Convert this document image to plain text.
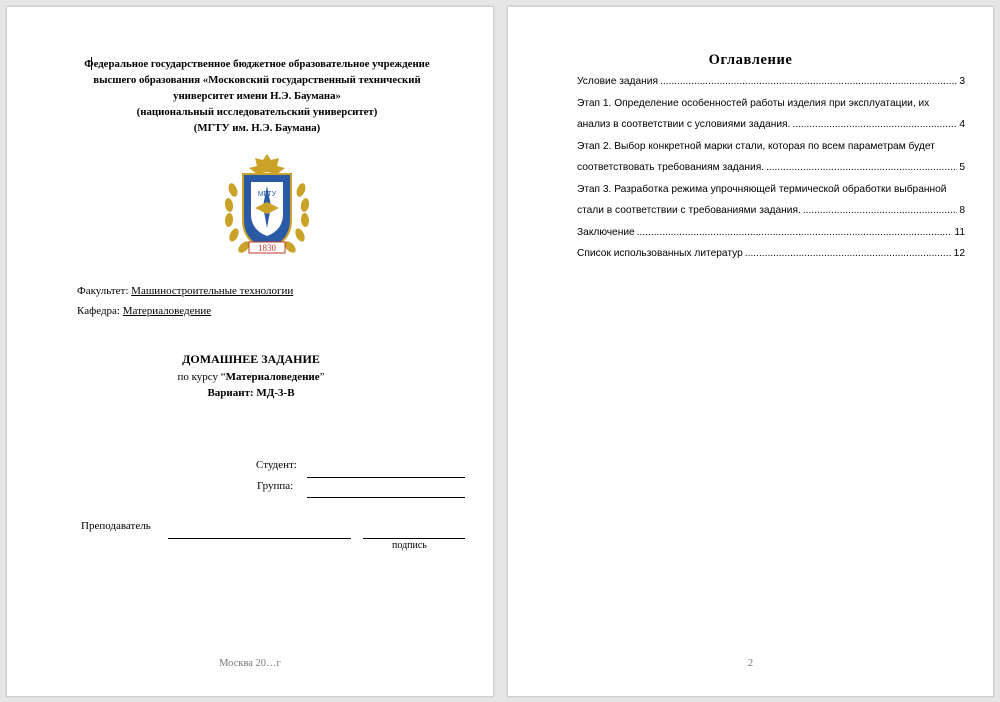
Федеральное государственное бюджетное образовательное учреждение
высшего образования «Московский государственный технический
университет имени Н.Э. Баумана»
(национальный исследовательский университет)
(МГТУ им. Н.Э. Баумана)
МГТУ
1830
Факультет: Машиностроительные технологии
Кафедра: Материаловедение
ДОМАШНЕЕ ЗАДАНИЕ
по курсу “Материаловедение”
Вариант: МД-3-В
Студент:
Группа:
Преподаватель
подпись
Москва 20…г
Оглавление
Условие задания .....	3
Этап 1. Определение особенностей работы изделия при эксплуатации, их
анализ в соответствии с условиями задания. .....	4
Этап 2. Выбор конкретной марки стали, которая по всем параметрам будет
соответствовать требованиям задания. .....	5
Этап 3. Разработка режима упрочняющей термической обработки выбранной
стали в соответствии с требованиями задания. .....	8
Заключение .....	11
Список использованных литератур .....	12
2
